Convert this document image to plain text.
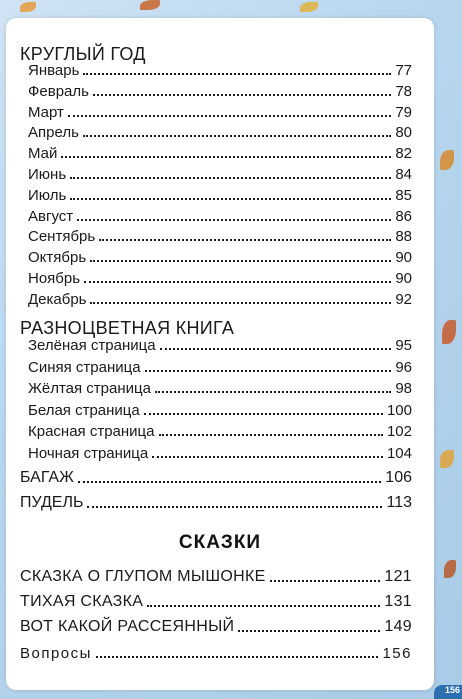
КРУГЛЫЙ ГОД
Январь	77
Февраль	78
Март	79
Апрель	80
Май	82
Июнь	84
Июль	85
Август	86
Сентябрь	88
Октябрь	90
Ноябрь	90
Декабрь	92
РАЗНОЦВЕТНАЯ КНИГА
Зелёная страница	95
Синяя страница	96
Жёлтая страница	98
Белая страница	100
Красная страница	102
Ночная страница	104
БАГАЖ	106
ПУДЕЛЬ	113
СКАЗКИ
СКАЗКА О ГЛУПОМ МЫШОНКЕ	121
ТИХАЯ СКАЗКА	131
ВОТ КАКОЙ РАССЕЯННЫЙ	149
Вопросы	156
156
